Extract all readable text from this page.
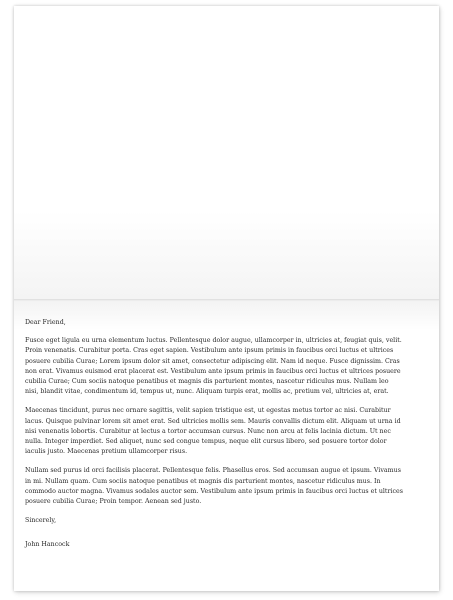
Dear Friend,

Fusce eget ligula eu urna elementum luctus. Pellentesque dolor augue, ullamcorper in, ultricies at, feugiat quis, velit. Proin venenatis. Curabitur porta. Cras eget sapien. Vestibulum ante ipsum primis in faucibus orci luctus et ultrices posuere cubilia Curae; Lorem ipsum dolor sit amet, consectetur adipiscing elit. Nam id neque. Fusce dignissim. Cras non erat. Vivamus euismod erat placerat est. Vestibulum ante ipsum primis in faucibus orci luctus et ultrices posuere cubilia Curae; Cum sociis natoque penatibus et magnis dis parturient montes, nascetur ridiculus mus. Nullam leo nisi, blandit vitae, condimentum id, tempus ut, nunc. Aliquam turpis erat, mollis ac, pretium vel, ultricies at, erat.

Maecenas tincidunt, purus nec ornare sagittis, velit sapien tristique est, ut egestas metus tortor ac nisi. Curabitur lacus. Quisque pulvinar lorem sit amet erat. Sed ultricies mollis sem. Mauris convallis dictum elit. Aliquam ut urna id nisi venenatis lobortis. Curabitur at lectus a tortor accumsan cursus. Nunc non arcu at felis lacinia dictum. Ut nec nulla. Integer imperdiet. Sed aliquet, nunc sed congue tempus, neque elit cursus libero, sed posuere tortor dolor iaculis justo. Maecenas pretium ullamcorper risus.

Nullam sed purus id orci facilisis placerat. Pellentesque felis. Phasellus eros. Sed accumsan augue et ipsum. Vivamus in mi. Nullam quam. Cum sociis natoque penatibus et magnis dis parturient montes, nascetur ridiculus mus. In commodo auctor magna. Vivamus sodales auctor sem. Vestibulum ante ipsum primis in faucibus orci luctus et ultrices posuere cubilia Curae; Proin tempor. Aenean sed justo.

Sincerely,

John Hancock
